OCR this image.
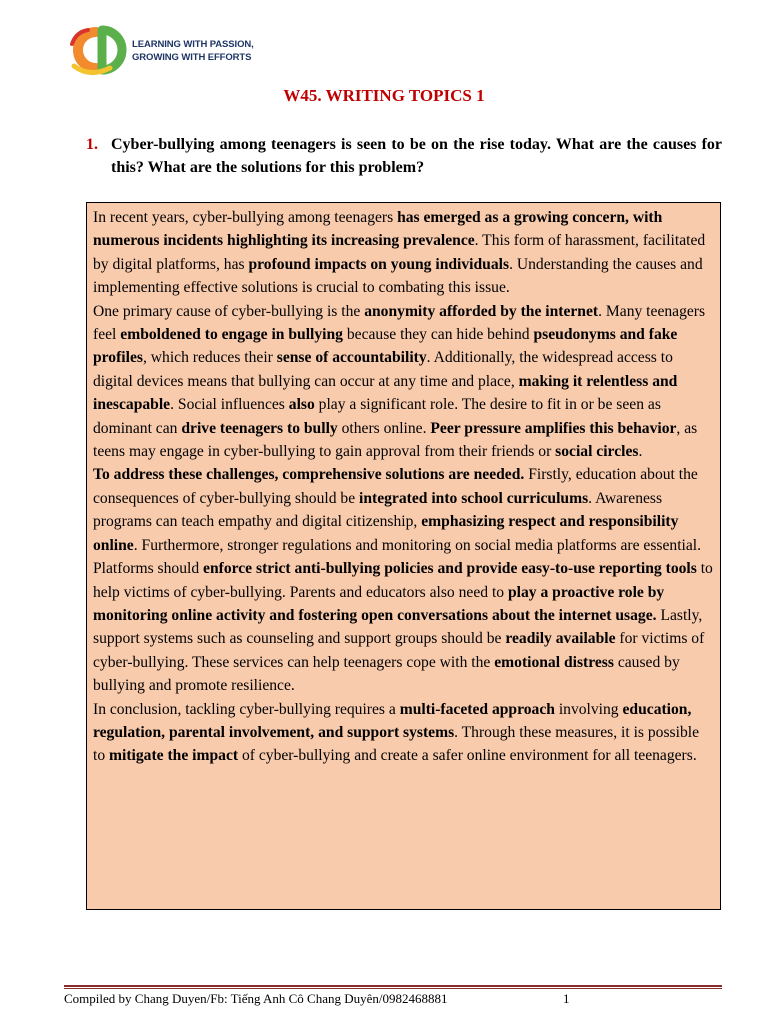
LEARNING WITH PASSION,
GROWING WITH EFFORTS
W45. WRITING TOPICS 1
1. Cyber-bullying among teenagers is seen to be on the rise today. What are the causes for this? What are the solutions for this problem?

In recent years, cyber-bullying among teenagers has emerged as a growing concern, with numerous incidents highlighting its increasing prevalence. This form of harassment, facilitated by digital platforms, has profound impacts on young individuals. Understanding the causes and implementing effective solutions is crucial to combating this issue.

One primary cause of cyber-bullying is the anonymity afforded by the internet. Many teenagers feel emboldened to engage in bullying because they can hide behind pseudonyms and fake profiles, which reduces their sense of accountability. Additionally, the widespread access to digital devices means that bullying can occur at any time and place, making it relentless and inescapable. Social influences also play a significant role. The desire to fit in or be seen as dominant can drive teenagers to bully others online. Peer pressure amplifies this behavior, as teens may engage in cyber-bullying to gain approval from their friends or social circles.

To address these challenges, comprehensive solutions are needed. Firstly, education about the consequences of cyber-bullying should be integrated into school curriculums. Awareness programs can teach empathy and digital citizenship, emphasizing respect and responsibility online. Furthermore, stronger regulations and monitoring on social media platforms are essential. Platforms should enforce strict anti-bullying policies and provide easy-to-use reporting tools to help victims of cyber-bullying. Parents and educators also need to play a proactive role by monitoring online activity and fostering open conversations about the internet usage. Lastly, support systems such as counseling and support groups should be readily available for victims of cyber-bullying. These services can help teenagers cope with the emotional distress caused by bullying and promote resilience.

In conclusion, tackling cyber-bullying requires a multi-faceted approach involving education, regulation, parental involvement, and support systems. Through these measures, it is possible to mitigate the impact of cyber-bullying and create a safer online environment for all teenagers.

Compiled by Chang Duyen/Fb: Tiếng Anh Cô Chang Duyên/0982468881	1
